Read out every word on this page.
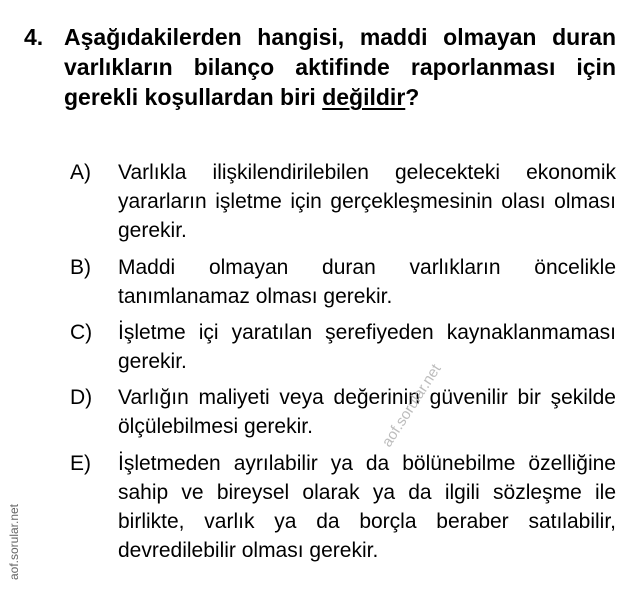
4. Aşağıdakilerden hangisi, maddi olmayan duran varlıkların bilanço aktifinde raporlanması için gerekli koşullardan biri değildir?
A) Varlıkla ilişkilendirilebilen gelecekteki ekonomik yararların işletme için gerçekleşmesinin olası olması gerekir.
B) Maddi olmayan duran varlıkların öncelikle tanımlanamaz olması gerekir.
C) İşletme içi yaratılan şerefiyeden kaynaklanmaması gerekir.
D) Varlığın maliyeti veya değerinin güvenilir bir şekilde ölçülebilmesi gerekir.
E) İşletmeden ayrılabilir ya da bölünebilme özelliğine sahip ve bireysel olarak ya da ilgili sözleşme ile birlikte, varlık ya da borçla beraber satılabilir, devredilebilir olması gerekir.
aof.sorular.net
aof.sorular.net
